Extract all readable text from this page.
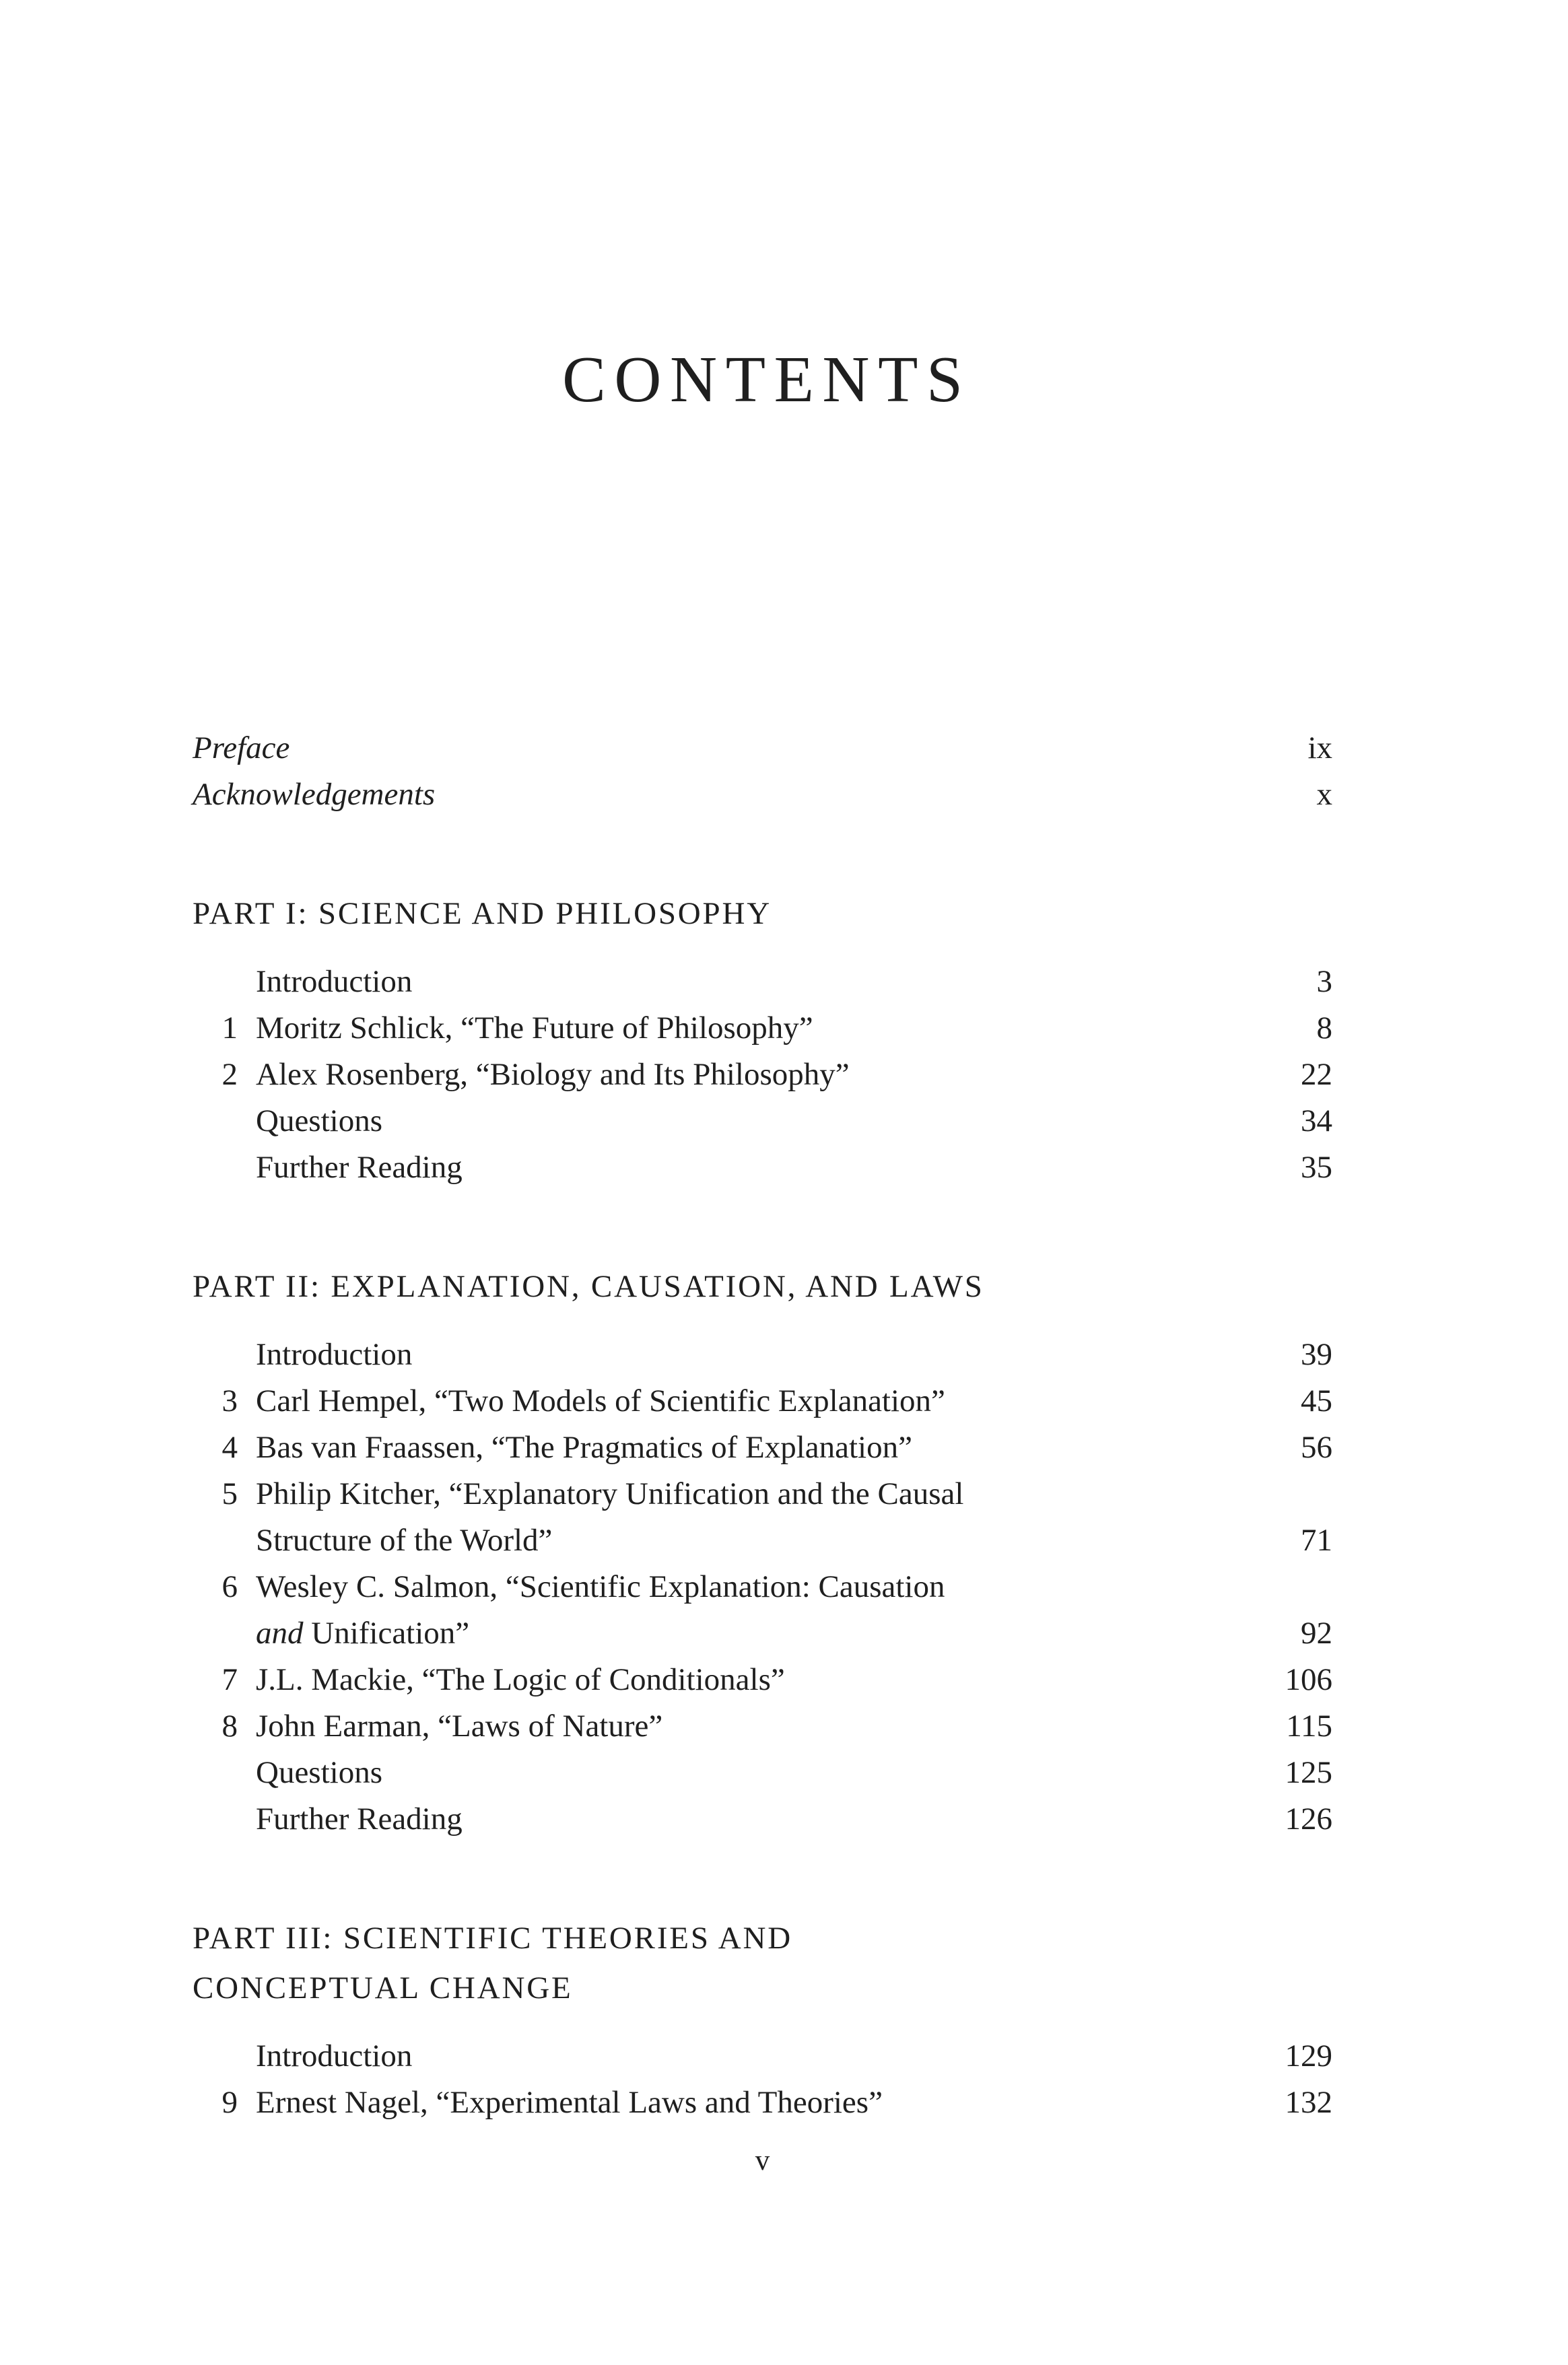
CONTENTS
Preface	ix
Acknowledgements	x
PART I: SCIENCE AND PHILOSOPHY
Introduction	3
1 Moritz Schlick, “The Future of Philosophy”	8
2 Alex Rosenberg, “Biology and Its Philosophy”	22
Questions	34
Further Reading	35
PART II: EXPLANATION, CAUSATION, AND LAWS
Introduction	39
3 Carl Hempel, “Two Models of Scientific Explanation”	45
4 Bas van Fraassen, “The Pragmatics of Explanation”	56
5 Philip Kitcher, “Explanatory Unification and the Causal
Structure of the World”	71
6 Wesley C. Salmon, “Scientific Explanation: Causation
and Unification”	92
7 J.L. Mackie, “The Logic of Conditionals”	106
8 John Earman, “Laws of Nature”	115
Questions	125
Further Reading	126
PART III: SCIENTIFIC THEORIES AND
CONCEPTUAL CHANGE
Introduction	129
9 Ernest Nagel, “Experimental Laws and Theories”	132
v
